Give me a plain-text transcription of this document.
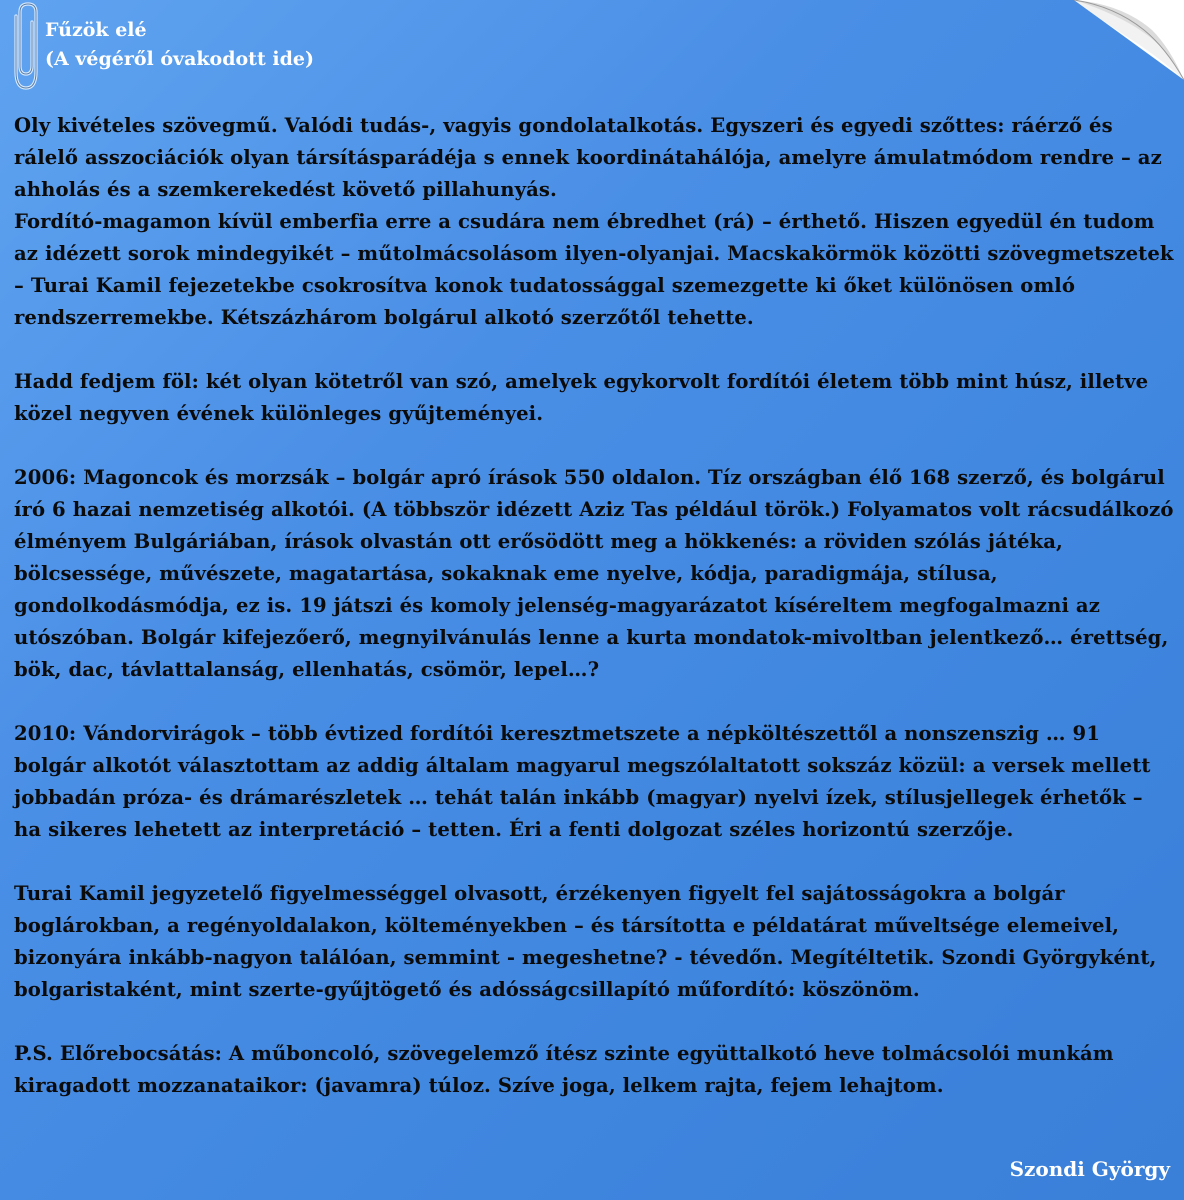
Fűzök elé
(A végéről óvakodott ide)

Oly kivételes szövegmű. Valódi tudás-, vagyis gondolatalkotás. Egyszeri és egyedi szőttes: ráérző és rálelő asszociációk olyan társításparádéja s ennek koordinátahálója, amelyre ámulatmódom rendre – az ahholás és a szemkerekedést követő pillahunyás.

Fordító-magamon kívül emberfia erre a csudára nem ébredhet (rá) – érthető. Hiszen egyedül én tudom az idézett sorok mindegyikét – műtolmácsolásom ilyen-olyanjai. Macskakörmök közötti szövegmetszetek – Turai Kamil fejezetekbe csokrosítva konok tudatossággal szemezgette ki őket különösen omló rendszerremekbe. Kétszázhárom bolgárul alkotó szerzőtől tehette.

Hadd fedjem föl: két olyan kötetről van szó, amelyek egykorvolt fordítói életem több mint húsz, illetve közel negyven évének különleges gyűjteményei.

2006: Magoncok és morzsák – bolgár apró írások 550 oldalon. Tíz országban élő 168 szerző, és bolgárul író 6 hazai nemzetiség alkotói. (A többször idézett Aziz Tas például török.) Folyamatos volt rácsudálkozó élményem Bulgáriában, írások olvastán ott erősödött meg a hökkenés: a röviden szólás játéka, bölcsessége, művészete, magatartása, sokaknak eme nyelve, kódja, paradigmája, stílusa, gondolkodásmódja, ez is. 19 játszi és komoly jelenség-magyarázatot kíséreltem megfogalmazni az utószóban. Bolgár kifejezőerő, megnyilvánulás lenne a kurta mondatok-mivoltban jelentkező… érettség, bök, dac, távlattalanság, ellenhatás, csömör, lepel…?

2010: Vándorvirágok – több évtized fordítói keresztmetszete a népköltészettől a nonszenszig … 91 bolgár alkotót választottam az addig általam magyarul megszólaltatott sokszáz közül: a versek mellett jobbadán próza- és drámarészletek … tehát talán inkább (magyar) nyelvi ízek, stílusjellegek érhetők – ha sikeres lehetett az interpretáció – tetten. Éri a fenti dolgozat széles horizontú szerzője.

Turai Kamil jegyzetelő figyelmességgel olvasott, érzékenyen figyelt fel sajátosságokra a bolgár boglárokban, a regényoldalakon, költeményekben – és társította e példatárat műveltsége elemeivel, bizonyára inkább-nagyon találóan, semmint - megeshetne? - tévedőn. Megítéltetik. Szondi Györgyként, bolgaristaként, mint szerte-gyűjtögető és adósságcsillapító műfordító: köszönöm.

P.S. Előrebocsátás: A műboncoló, szövegelemző ítész szinte együttalkotó heve tolmácsolói munkám kiragadott mozzanataikor: (javamra) túloz. Szíve joga, lelkem rajta, fejem lehajtom.

Szondi György
